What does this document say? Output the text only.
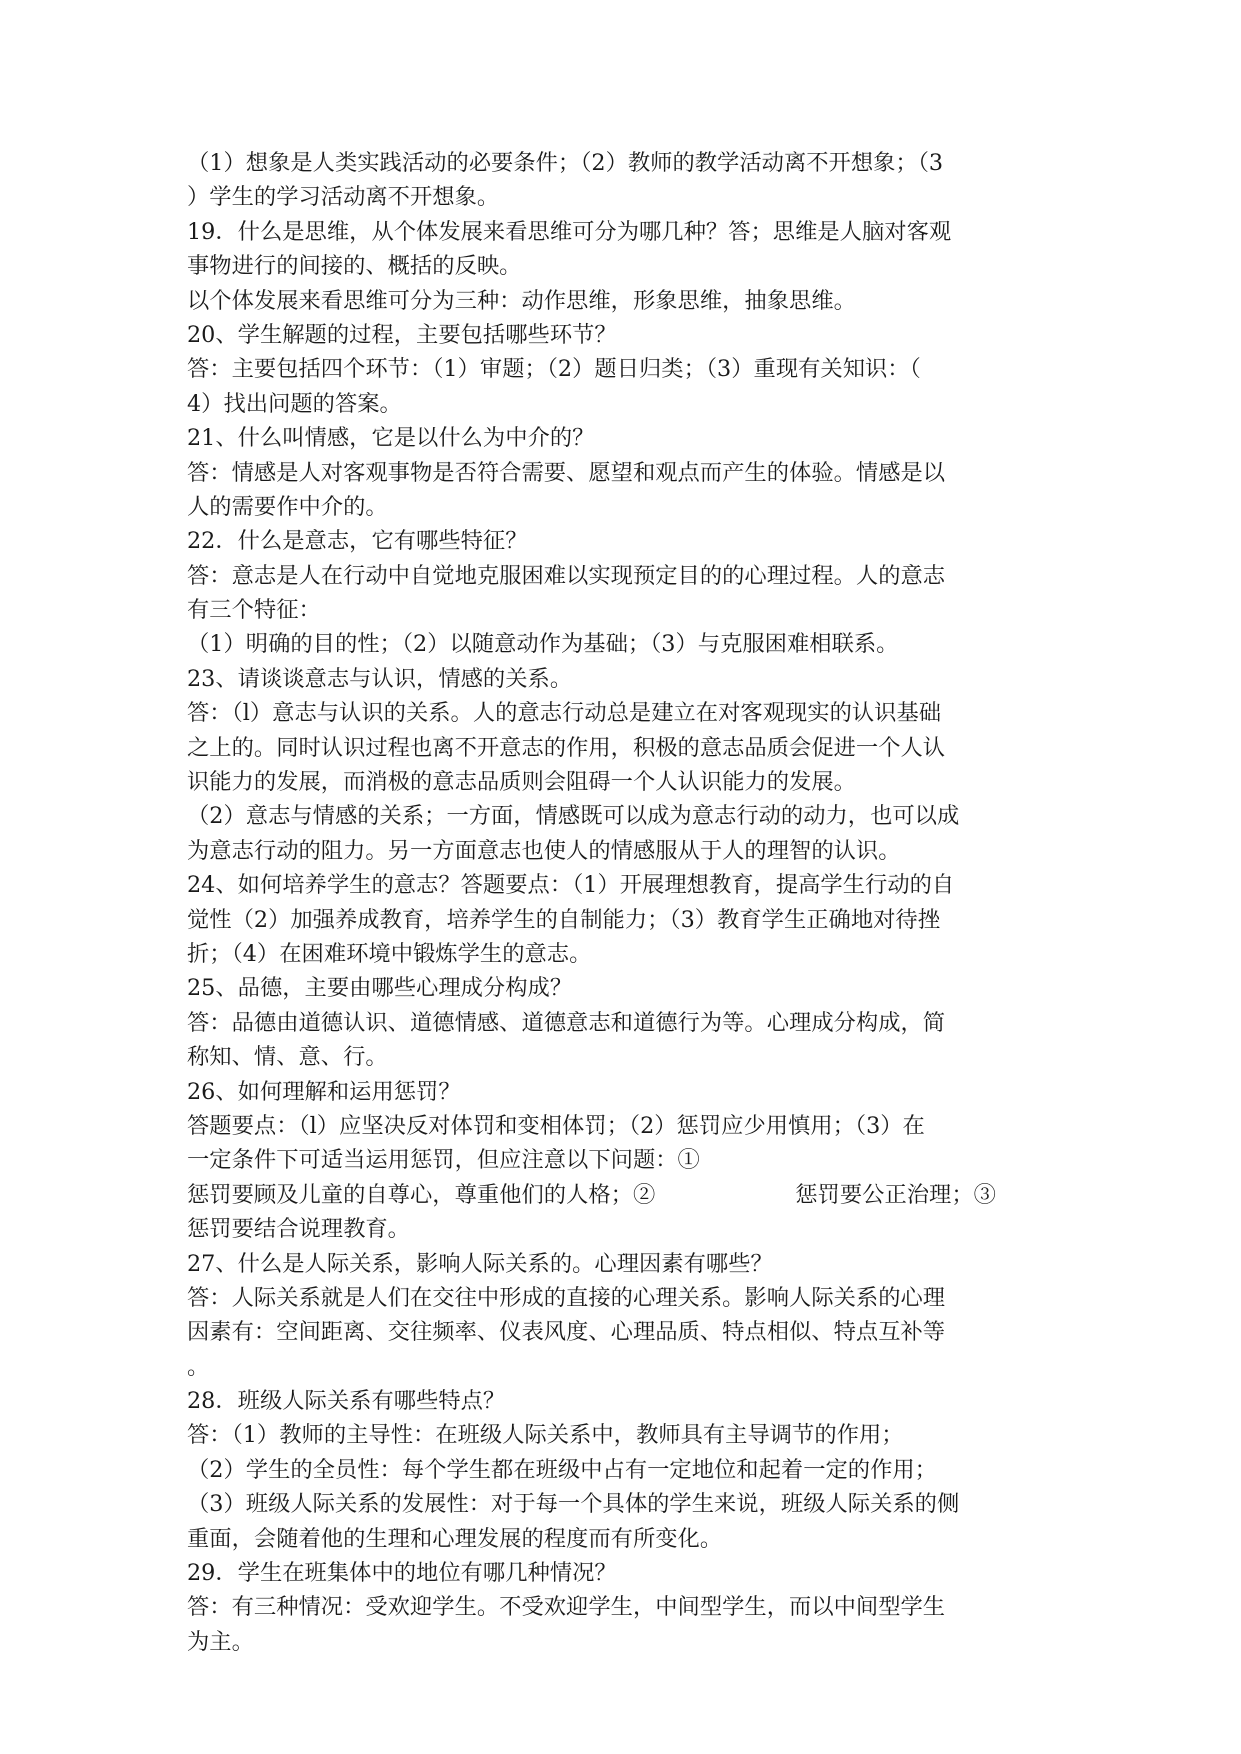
（1）想象是人类实践活动的必要条件；（2）教师的教学活动离不开想象；（3
）学生的学习活动离不开想象。
19．什么是思维，从个体发展来看思维可分为哪几种？答；思维是人脑对客观
事物进行的间接的、概括的反映。
以个体发展来看思维可分为三种：动作思维，形象思维，抽象思维。
20、学生解题的过程，主要包括哪些环节？
答：主要包括四个环节：（1）审题；（2）题日归类；（3）重现有关知识：（
4）找出问题的答案。
21、什么叫情感，它是以什么为中介的？
答：情感是人对客观事物是否符合需要、愿望和观点而产生的体验。情感是以
人的需要作中介的。
22．什么是意志，它有哪些特征？
答：意志是人在行动中自觉地克服困难以实现预定目的的心理过程。人的意志
有三个特征：
（1）明确的目的性；（2）以随意动作为基础；（3）与克服困难相联系。
23、请谈谈意志与认识，情感的关系。
答：（l）意志与认识的关系。人的意志行动总是建立在对客观现实的认识基础
之上的。同时认识过程也离不开意志的作用，积极的意志品质会促进一个人认
识能力的发展，而消极的意志品质则会阻碍一个人认识能力的发展。
（2）意志与情感的关系；一方面，情感既可以成为意志行动的动力，也可以成
为意志行动的阻力。另一方面意志也使人的情感服从于人的理智的认识。
24、如何培养学生的意志？答题要点：（1）开展理想教育，提高学生行动的自
觉性（2）加强养成教育，培养学生的自制能力；（3）教育学生正确地对待挫
折；（4）在困难环境中锻炼学生的意志。
25、品德，主要由哪些心理成分构成？
答：品德由道德认识、道德情感、道德意志和道德行为等。心理成分构成，简
称知、情、意、行。
26、如何理解和运用惩罚？
答题要点：（l）应坚决反对体罚和变相体罚；（2）惩罚应少用慎用；（3）在
一定条件下可适当运用惩罚，但应注意以下问题：①
惩罚要顾及儿童的自尊心，尊重他们的人格；②	惩罚要公正治理；③
惩罚要结合说理教育。
27、什么是人际关系，影响人际关系的。心理因素有哪些？
答：人际关系就是人们在交往中形成的直接的心理关系。影响人际关系的心理
因素有：空间距离、交往频率、仪表风度、心理品质、特点相似、特点互补等
。
28．班级人际关系有哪些特点？
答：（1）教师的主导性：在班级人际关系中，教师具有主导调节的作用；
（2）学生的全员性：每个学生都在班级中占有一定地位和起着一定的作用；
（3）班级人际关系的发展性：对于每一个具体的学生来说，班级人际关系的侧
重面，会随着他的生理和心理发展的程度而有所变化。
29．学生在班集体中的地位有哪几种情况？
答：有三种情况：受欢迎学生。不受欢迎学生，中间型学生，而以中间型学生
为主。
